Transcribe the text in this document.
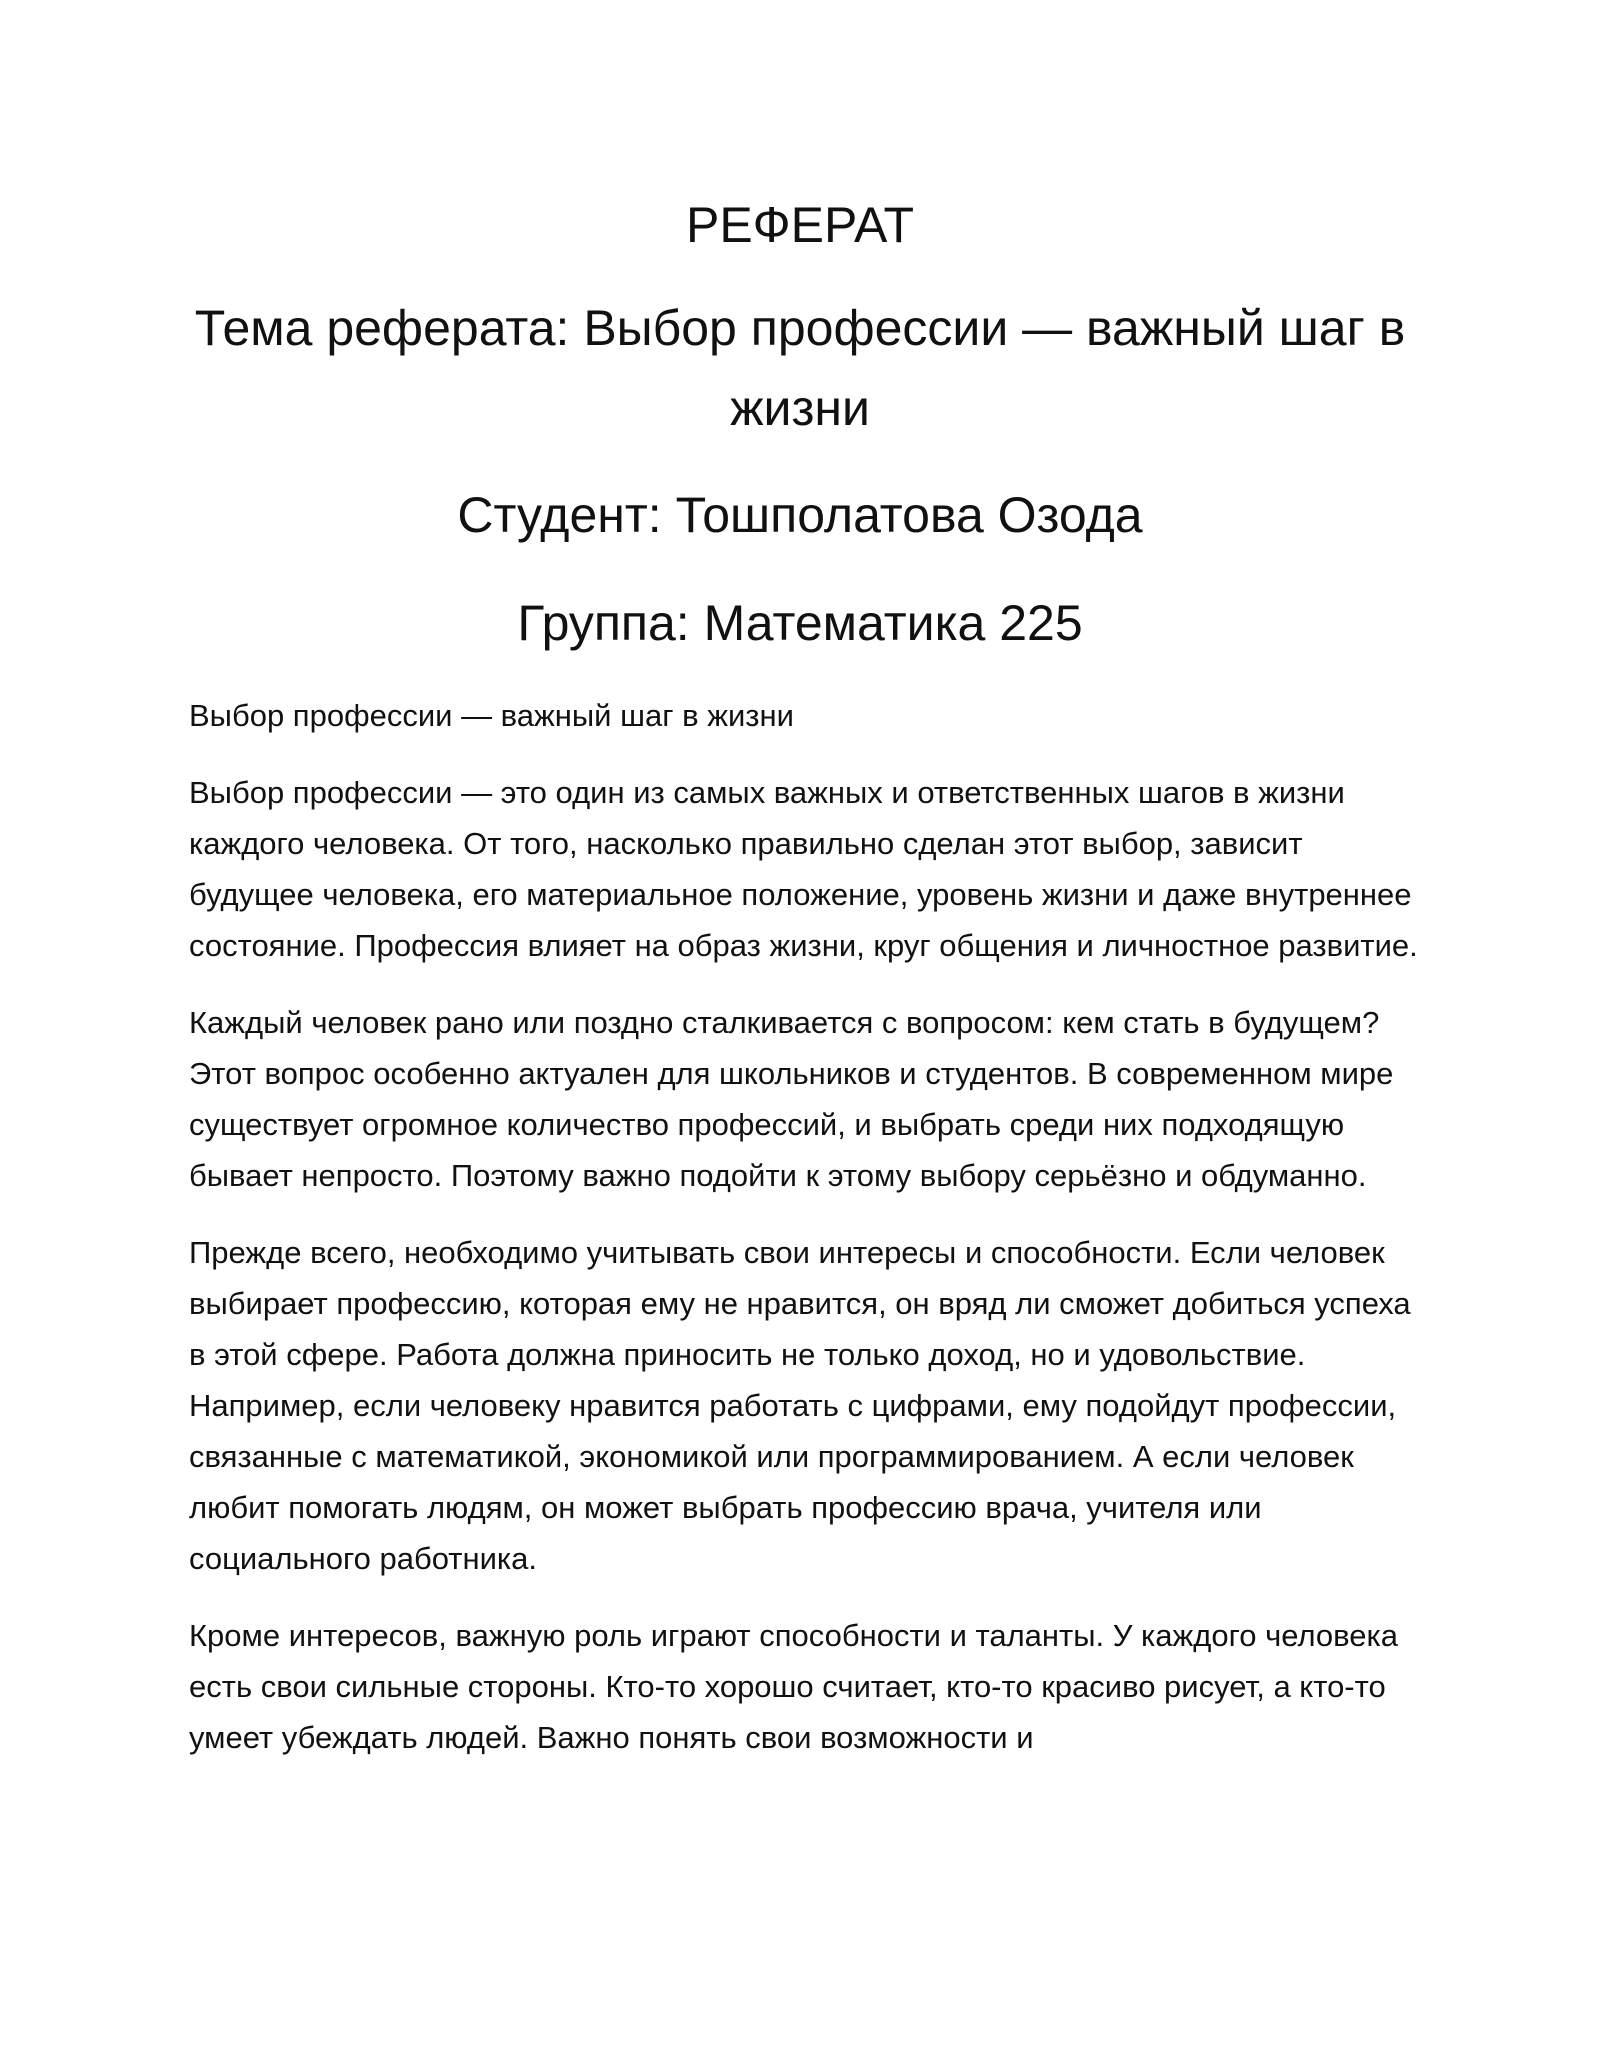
РЕФЕРАТ
Тема реферата: Выбор профессии — важный шаг в жизни
Студент: Тошполатова Озода
Группа: Математика 225

Выбор профессии — важный шаг в жизни

Выбор профессии — это один из самых важных и ответственных шагов в жизни каждого человека. От того, насколько правильно сделан этот выбор, зависит будущее человека, его материальное положение, уровень жизни и даже внутреннее состояние. Профессия влияет на образ жизни, круг общения и личностное развитие.

Каждый человек рано или поздно сталкивается с вопросом: кем стать в будущем? Этот вопрос особенно актуален для школьников и студентов. В современном мире существует огромное количество профессий, и выбрать среди них подходящую бывает непросто. Поэтому важно подойти к этому выбору серьёзно и обдуманно.

Прежде всего, необходимо учитывать свои интересы и способности. Если человек выбирает профессию, которая ему не нравится, он вряд ли сможет добиться успеха в этой сфере. Работа должна приносить не только доход, но и удовольствие. Например, если человеку нравится работать с цифрами, ему подойдут профессии, связанные с математикой, экономикой или программированием. А если человек любит помогать людям, он может выбрать профессию врача, учителя или социального работника.

Кроме интересов, важную роль играют способности и таланты. У каждого человека есть свои сильные стороны. Кто-то хорошо считает, кто-то красиво рисует, а кто-то умеет убеждать людей. Важно понять свои возможности и
